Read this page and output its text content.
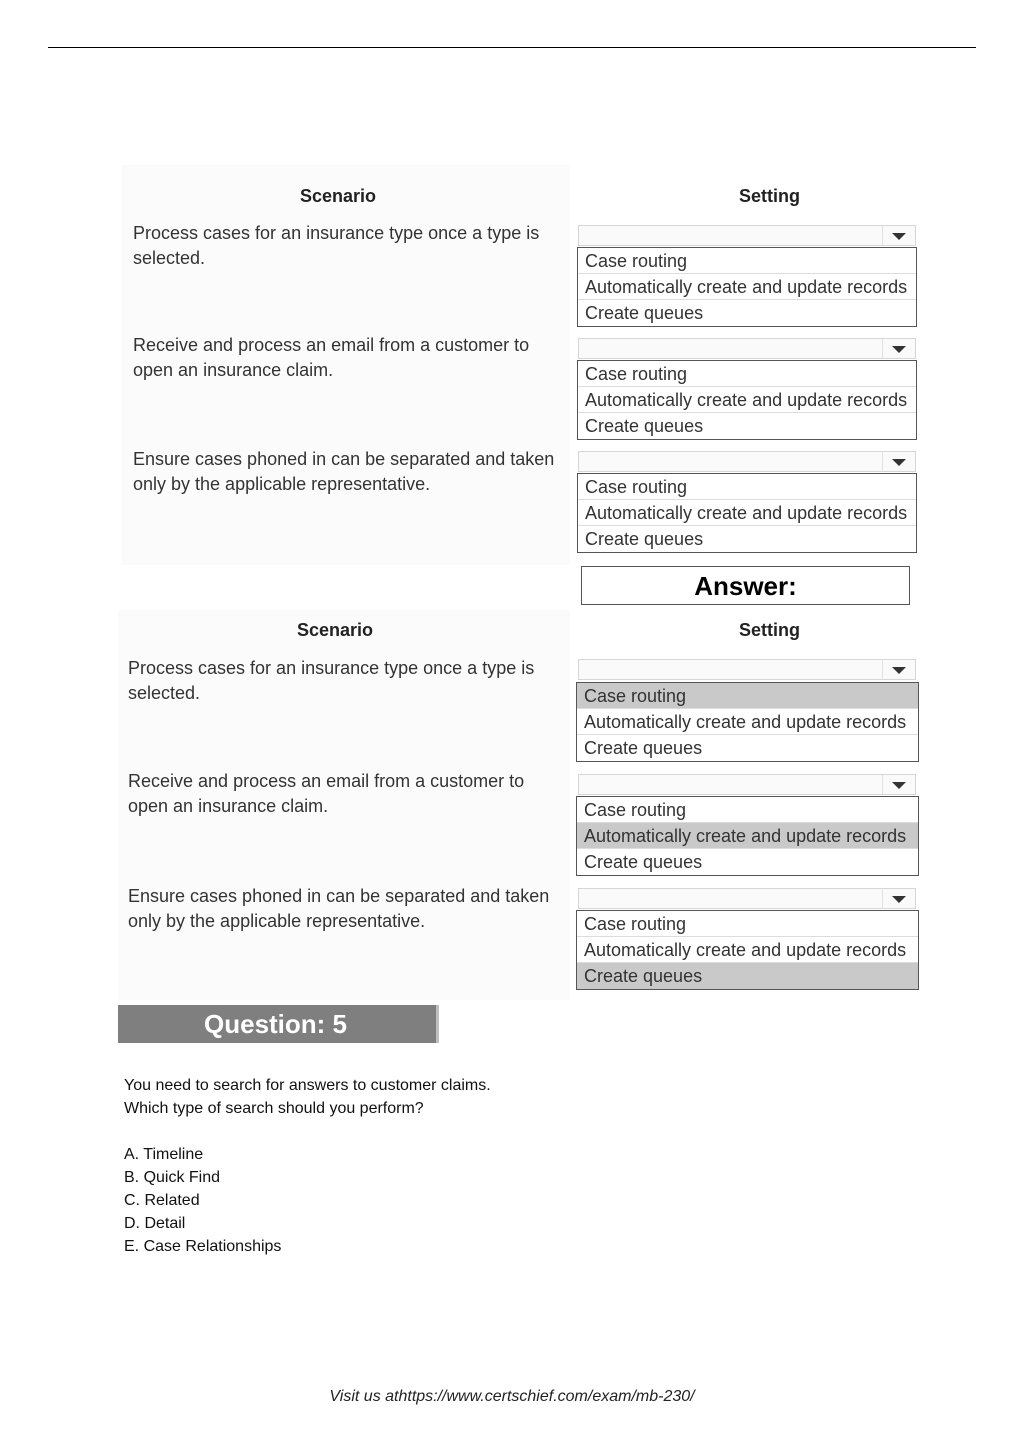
Scenario	Setting
Process cases for an insurance type once a type is selected.	Case routing
Automatically create and update records
Create queues
Receive and process an email from a customer to open an insurance claim.	Case routing
Automatically create and update records
Create queues
Ensure cases phoned in can be separated and taken only by the applicable representative.	Case routing
Automatically create and update records
Create queues
Answer:
Scenario	Setting
Process cases for an insurance type once a type is selected.	Case routing
Automatically create and update records
Create queues
Receive and process an email from a customer to open an insurance claim.	Case routing
Automatically create and update records
Create queues
Ensure cases phoned in can be separated and taken only by the applicable representative.	Case routing
Automatically create and update records
Create queues
Question: 5
You need to search for answers to customer claims.
Which type of search should you perform?
A. Timeline
B. Quick Find
C. Related
D. Detail
E. Case Relationships
Visit us athttps://www.certschief.com/exam/mb-230/
